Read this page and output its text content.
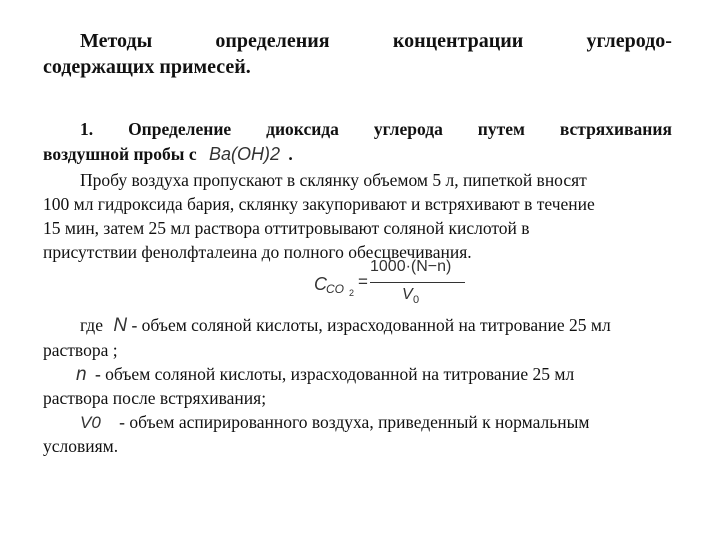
Методы	определения	концентрации	углеродо-
содержащих примесей.
1. Определение диоксида углерода путем встряхивания
воздушной пробы с Ba(OH)2 .
Пробу воздуха пропускают в склянку объемом 5 л, пипеткой вносят
100 мл гидроксида бария, склянку закупоривают и встряхивают в течение
15 мин, затем 25 мл раствора оттитровывают соляной кислотой в
присутствии фенолфталеина до полного обесцвечивания.
C CO 2
=
1000·(N−n)
V 0
где N - объем соляной кислоты, израсходованной на титрование 25 мл
раствора ;
n - объем соляной кислоты, израсходованной на титрование 25 мл
раствора после встряхивания;
V0 - объем аспирированного воздуха, приведенный к нормальным
условиям.
